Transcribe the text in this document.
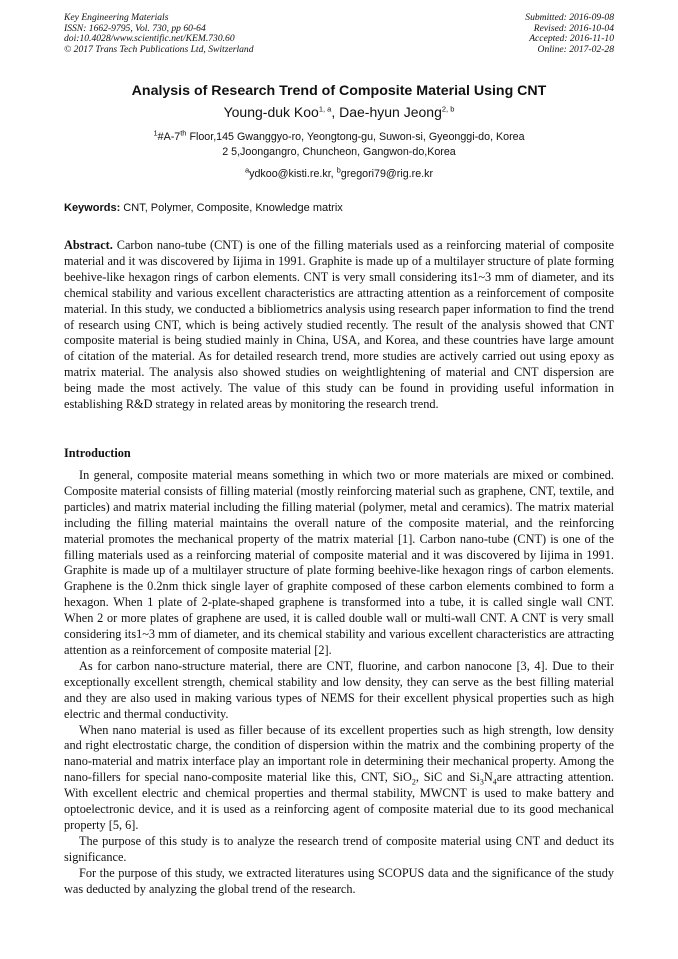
Key Engineering Materials
ISSN: 1662-9795, Vol. 730, pp 60-64
doi:10.4028/www.scientific.net/KEM.730.60
© 2017 Trans Tech Publications Ltd, Switzerland
Submitted: 2016-09-08
Revised: 2016-10-04
Accepted: 2016-11-10
Online: 2017-02-28
Analysis of Research Trend of Composite Material Using CNT
Young-duk Koo$^{1, a}$, Dae-hyun Jeong$^{2, b}$
$^1$#A-7th Floor,145 Gwanggyo-ro, Yeongtong-gu, Suwon-si, Gyeonggi-do, Korea
2 5,Joongangro, Chuncheon, Gangwon-do,Korea
$^a$ydkoo@kisti.re.kr, $^b$gregori79@rig.re.kr
Keywords: CNT, Polymer, Composite, Knowledge matrix
Abstract. Carbon nano-tube (CNT) is one of the filling materials used as a reinforcing material of composite material and it was discovered by Iijima in 1991. Graphite is made up of a multilayer structure of plate forming beehive-like hexagon rings of carbon elements. CNT is very small considering its1~3 mm of diameter, and its chemical stability and various excellent characteristics are attracting attention as a reinforcement of composite material. In this study, we conducted a bibliometrics analysis using research paper information to find the trend of research using CNT, which is being actively studied recently. The result of the analysis showed that CNT composite material is being studied mainly in China, USA, and Korea, and these countries have large amount of citation of the material. As for detailed research trend, more studies are actively carried out using epoxy as matrix material. The analysis also showed studies on weightlightening of material and CNT dispersion are being made the most actively. The value of this study can be found in providing useful information in establishing R&D strategy in related areas by monitoring the research trend.
Introduction

In general, composite material means something in which two or more materials are mixed or combined. Composite material consists of filling material (mostly reinforcing material such as graphene, CNT, textile, and particles) and matrix material including the filling material (polymer, metal and ceramics). The matrix material including the filling material maintains the overall nature of the composite material, and the reinforcing material promotes the mechanical property of the matrix material [1]. Carbon nano-tube (CNT) is one of the filling materials used as a reinforcing material of composite material and it was discovered by Iijima in 1991. Graphite is made up of a multilayer structure of plate forming beehive-like hexagon rings of carbon elements. Graphene is the 0.2nm thick single layer of graphite composed of these carbon elements combined to form a hexagon. When 1 plate of 2-plate-shaped graphene is transformed into a tube, it is called single wall CNT. When 2 or more plates of graphene are used, it is called double wall or multi-wall CNT. A CNT is very small considering its1~3 mm of diameter, and its chemical stability and various excellent characteristics are attracting attention as a reinforcement of composite material [2].

As for carbon nano-structure material, there are CNT, fluorine, and carbon nanocone [3, 4]. Due to their exceptionally excellent strength, chemical stability and low density, they can serve as the best filling material and they are also used in making various types of NEMS for their excellent physical properties such as high electric and thermal conductivity.

When nano material is used as filler because of its excellent properties such as high strength, low density and right electrostatic charge, the condition of dispersion within the matrix and the combining property of the nano-material and matrix interface play an important role in determining their mechanical property. Among the nano-fillers for special nano-composite material like this, CNT, SiO$_2$, SiC and $Si_3N_4are$ attracting attention. With excellent electric and chemical properties and thermal stability, MWCNT is used to make battery and optoelectronic device, and it is used as a reinforcing agent of composite material due to its good mechanical property [5, 6].

The purpose of this study is to analyze the research trend of composite material using CNT and deduct its significance.

For the purpose of this study, we extracted literatures using SCOPUS data and the significance of the study was deducted by analyzing the global trend of the research.
